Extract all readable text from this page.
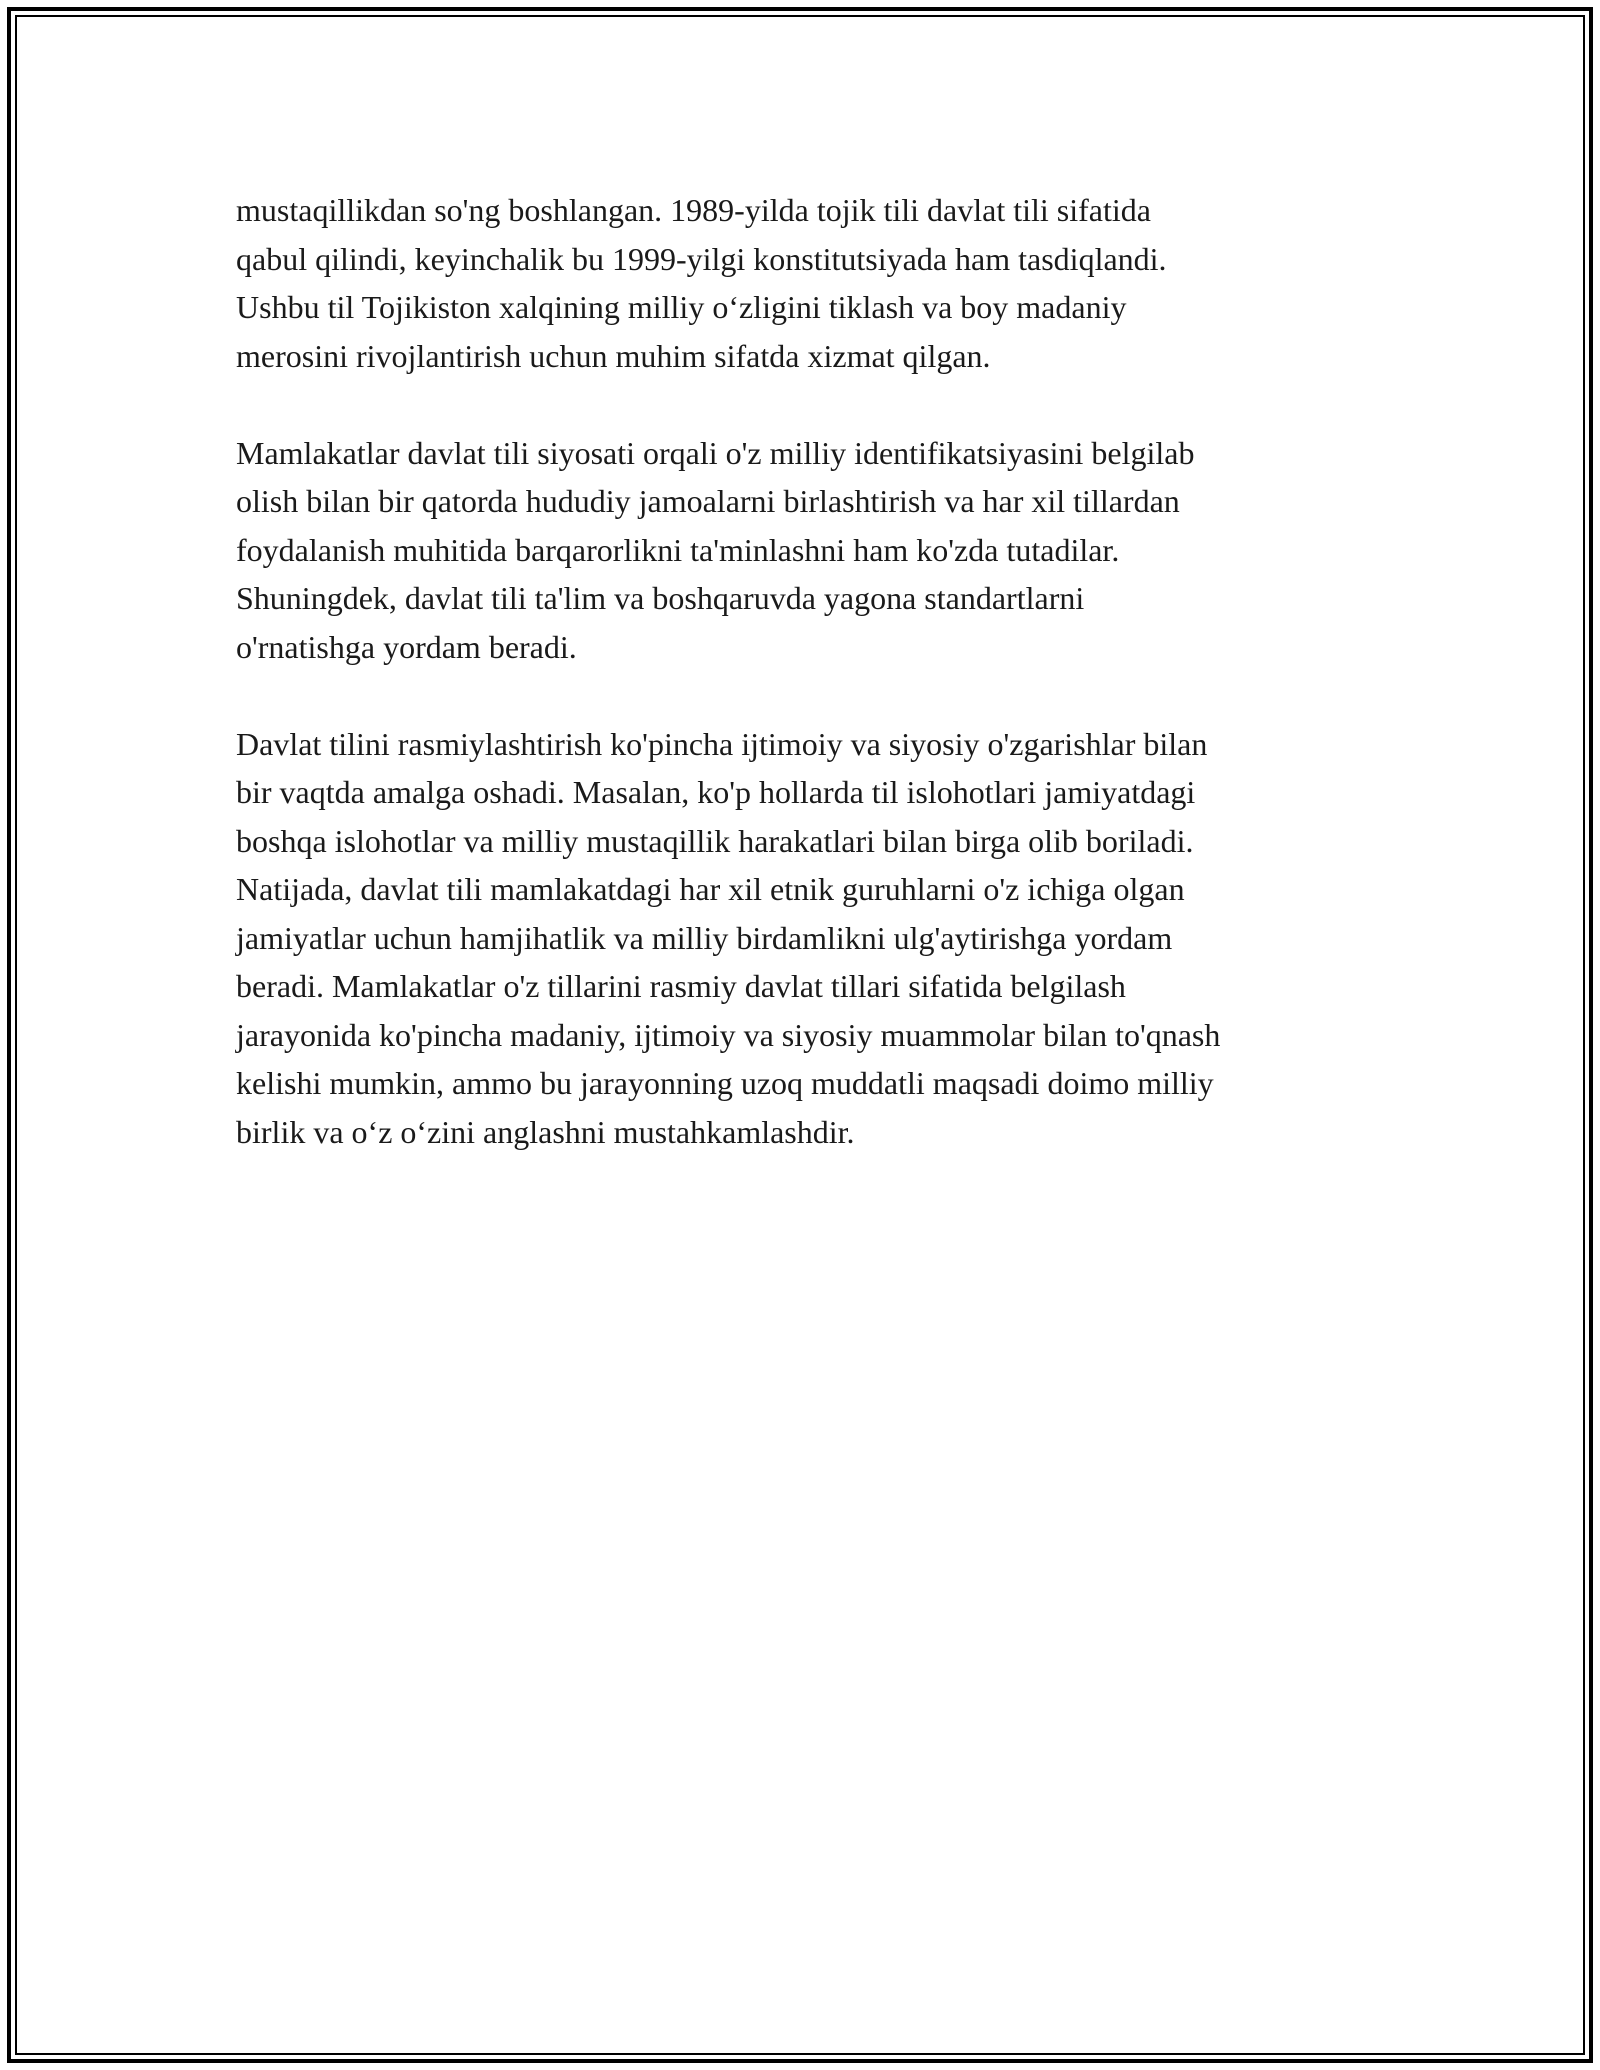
mustaqillikdan so'ng boshlangan. 1989-yilda tojik tili davlat tili sifatida
qabul qilindi, keyinchalik bu 1999-yilgi konstitutsiyada ham tasdiqlandi.
Ushbu til Tojikiston xalqining milliy o‘zligini tiklash va boy madaniy
merosini rivojlantirish uchun muhim sifatda xizmat qilgan.

Mamlakatlar davlat tili siyosati orqali o'z milliy identifikatsiyasini belgilab
olish bilan bir qatorda hududiy jamoalarni birlashtirish va har xil tillardan
foydalanish muhitida barqarorlikni ta'minlashni ham ko'zda tutadilar.
Shuningdek, davlat tili ta'lim va boshqaruvda yagona standartlarni
o'rnatishga yordam beradi.

Davlat tilini rasmiylashtirish ko'pincha ijtimoiy va siyosiy o'zgarishlar bilan
bir vaqtda amalga oshadi. Masalan, ko'p hollarda til islohotlari jamiyatdagi
boshqa islohotlar va milliy mustaqillik harakatlari bilan birga olib boriladi.
Natijada, davlat tili mamlakatdagi har xil etnik guruhlarni o'z ichiga olgan
jamiyatlar uchun hamjihatlik va milliy birdamlikni ulg'aytirishga yordam
beradi. Mamlakatlar o'z tillarini rasmiy davlat tillari sifatida belgilash
jarayonida ko'pincha madaniy, ijtimoiy va siyosiy muammolar bilan to'qnash
kelishi mumkin, ammo bu jarayonning uzoq muddatli maqsadi doimo milliy
birlik va o‘z o‘zini anglashni mustahkamlashdir.
